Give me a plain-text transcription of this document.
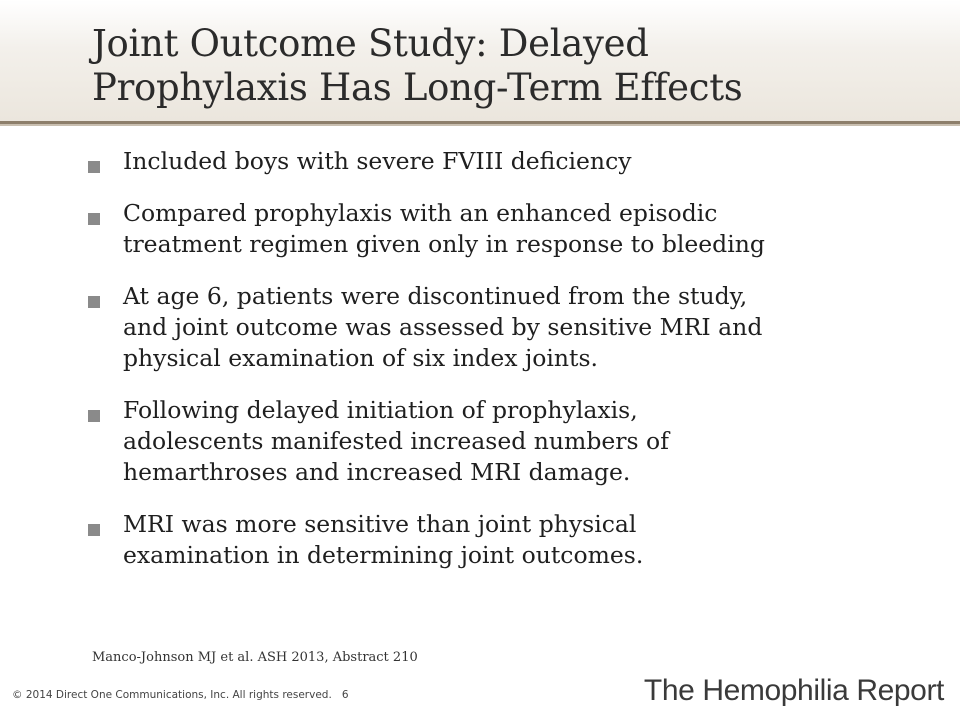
Joint Outcome Study: Delayed
Prophylaxis Has Long-Term Effects
Included boys with severe FVIII deficiency
Compared prophylaxis with an enhanced episodic
treatment regimen given only in response to bleeding
At age 6, patients were discontinued from the study,
and joint outcome was assessed by sensitive MRI and
physical examination of six index joints.
Following delayed initiation of prophylaxis,
adolescents manifested increased numbers of
hemarthroses and increased MRI damage.
MRI was more sensitive than joint physical
examination in determining joint outcomes.
Manco-Johnson MJ et al. ASH 2013, Abstract 210
© 2014 Direct One Communications, Inc. All rights reserved. 6	The Hemophilia Report
